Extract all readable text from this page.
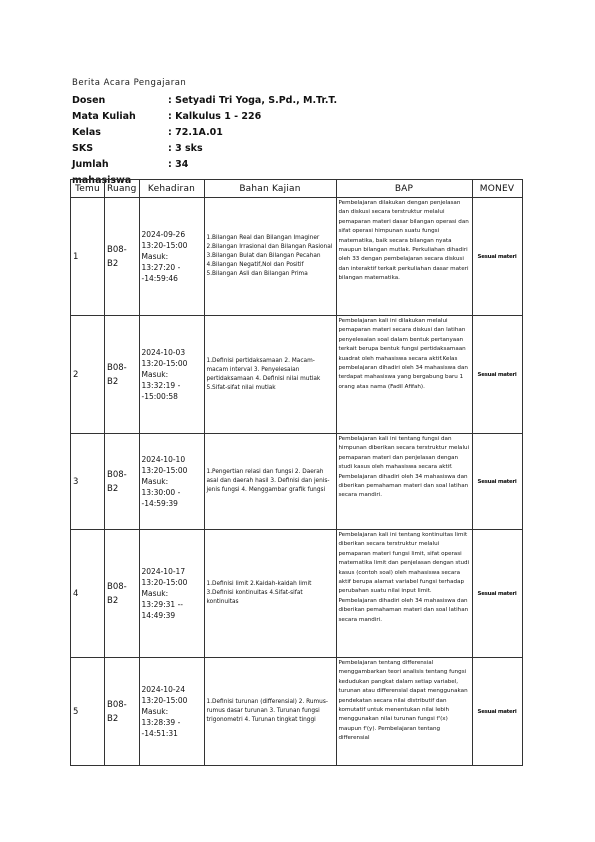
Berita Acara Pengajaran
Dosen	: Setyadi Tri Yoga, S.Pd., M.Tr.T.
Mata Kuliah	: Kalkulus 1 - 226
Kelas	: 72.1A.01
SKS	: 3 sks
Jumlah mahasiswa
: 34
Temu	Ruang	Kehadiran	Bahan Kajian	BAP	MONEV
1	B08-B2	2024-09-26 13:20-15:00 Masuk: 13:27:20 --14:59:46	1.Bilangan Real dan Bilangan Imaginer 2.Bilangan Irrasional dan Bilangan Rasional 3.Bilangan Bulat dan Bilangan Pecahan 4.Bilangan Negatif,Nol dan Positif 5.Bilangan Asli dan Bilangan Prima	Pembelajaran dilakukan dengan penjelasan dan diskusi secara terstruktur melalui pemaparan materi dasar bilangan operasi dan sifat operasi himpunan suatu fungsi matematika, baik secara bilangan nyata maupun bilangan mutlak. Perkuliahan dihadiri oleh 33 dengan pembelajaran secara diskusi dan interaktif terkait perkuliahan dasar materi bilangan matematika.	Sesuai materi
2	B08-B2	2024-10-03 13:20-15:00 Masuk: 13:32:19 --15:00:58	1.Definisi pertidaksamaan 2. Macam-macam interval 3. Penyelesaian pertidaksamaan 4. Definisi nilai mutlak 5.Sifat-sifat nilai mutlak	Pembelajaran kali ini dilakukan melalui pemaparan materi secara diskusi dan latihan penyelesaian soal dalam bentuk pertanyaan terkait berupa bentuk fungsi pertidaksamaan kuadrat oleh mahasiswa secara aktif.Kelas pembelajaran dihadiri oleh 34 mahasiswa dan terdapat mahasiswa yang bergabung baru 1 orang atas nama (Fadil Afifah).	Sesuai materi
3	B08-B2	2024-10-10 13:20-15:00 Masuk: 13:30:00 --14:59:39	1.Pengertian relasi dan fungsi 2. Daerah asal dan daerah hasil 3. Definisi dan jenis-jenis fungsi 4. Menggambar grafik fungsi	Pembelajaran kali ini tentang fungsi dan himpunan diberikan secara terstruktur melalui pemaparan materi dan penjelasan dengan studi kasus oleh mahasiswa secara aktif. Pembelajaran dihadiri oleh 34 mahasiswa dan diberikan pemahaman materi dan soal latihan secara mandiri.	Sesuai materi
4	B08-B2	2024-10-17 13:20-15:00 Masuk: 13:29:31 -- 14:49:39	1.Definisi limit 2.Kaidah-kaidah limit 3.Definisi kontinuitas 4.Sifat-sifat kontinuitas	Pembelajaran kali ini tentang kontinuitas limit diberikan secara terstruktur melalui pemaparan materi fungsi limit, sifat operasi matematika limit dan penjelasan dengan studi kasus (contoh soal) oleh mahasiswa secara aktif berupa alamat variabel fungsi terhadap perubahan suatu nilai input limit. Pembelajaran dihadiri oleh 34 mahasiswa dan diberikan pemahaman materi dan soal latihan secara mandiri.	Sesuai materi
5	B08-B2	2024-10-24 13:20-15:00 Masuk: 13:28:39 --14:51:31	1.Definisi turunan (differensial) 2. Rumus-rumus dasar turunan 3. Turunan fungsi trigonometri 4. Turunan tingkat tinggi	Pembelajaran tentang differensial menggambarkan teori analisis tentang fungsi kedudukan pangkat dalam setiap variabel, turunan atau differensial dapat menggunakan pendekatan secara nilai distributif dan komutatif untuk menentukan nilai lebih menggunakan nilai turunan fungsi f'(x) maupun f'(y). Pembelajaran tentang differensial	Sesuai materi
